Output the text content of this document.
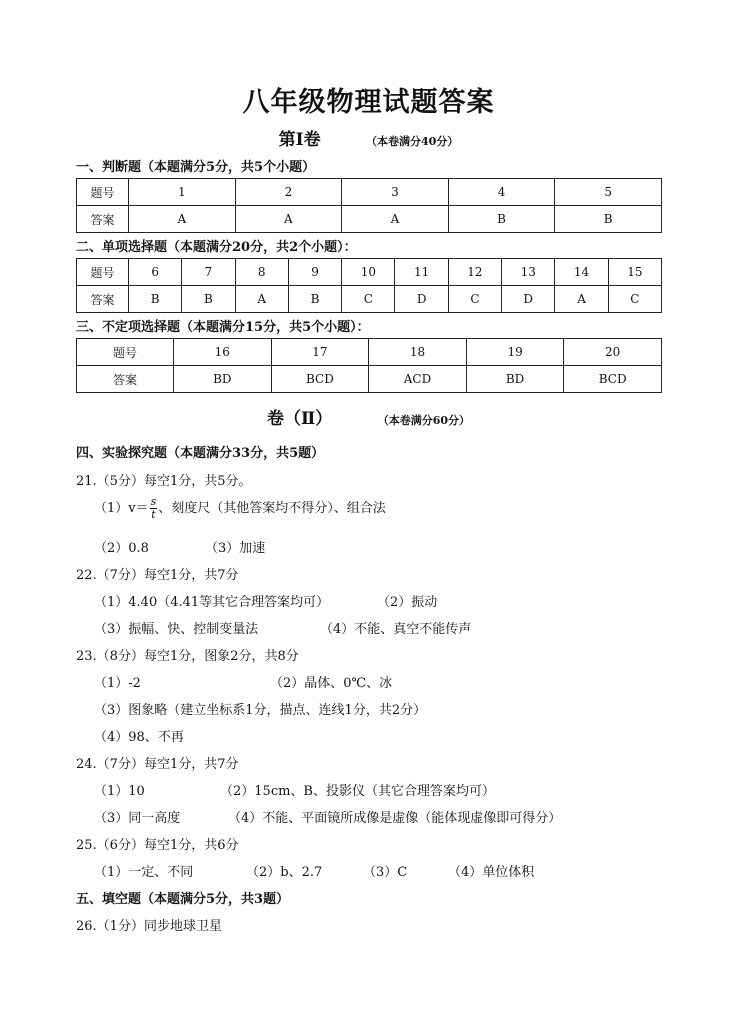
八年级物理试题答案
第Ⅰ卷	（本卷满分40分）
一、判断题（本题满分5分，共5个小题）
题号	1	2	3	4	5
答案	A	A	A	B	B
二、单项选择题（本题满分20分，共2个小题）：
题号	6	7	8	9	10	11	12	13	14	15
答案	B	B	A	B	C	D	C	D	A	C
三、不定项选择题（本题满分15分，共5个小题）：
题号	16	17	18	19	20
答案	BD	BCD	ACD	BD	BCD
卷（Ⅱ）	（本卷满分60分）
四、实验探究题（本题满分33分，共5题）
21.（5分）每空1分，共5分。
$(1)v= \frac{s}{t}$ 、刻度尺（其他答案均不得分）、组合法
（2）0.8	（3）加速
22.（7分）每空1分，共7分
（1）4.40（4.41等其它合理答案均可）	（2）振动
（3）振幅、快、控制变量法	（4）不能、真空不能传声
23.（8分）每空1分，图象2分，共8分
（1）-2	（2）晶体、0℃、冰
（3）图象略（建立坐标系1分，描点、连线1分，共2分）
（4）98、不再
24.（7分）每空1分，共7分
（1）10	（2）15cm、B、投影仪（其它合理答案均可）
（3）同一高度	（4）不能、平面镜所成像是虚像（能体现虚像即可得分）
25.（6分）每空1分，共6分
（1）一定、不同	（2）b、2.7	（3）C	（4）单位体积
五、填空题（本题满分5分，共3题）
26.（1分）同步地球卫星
